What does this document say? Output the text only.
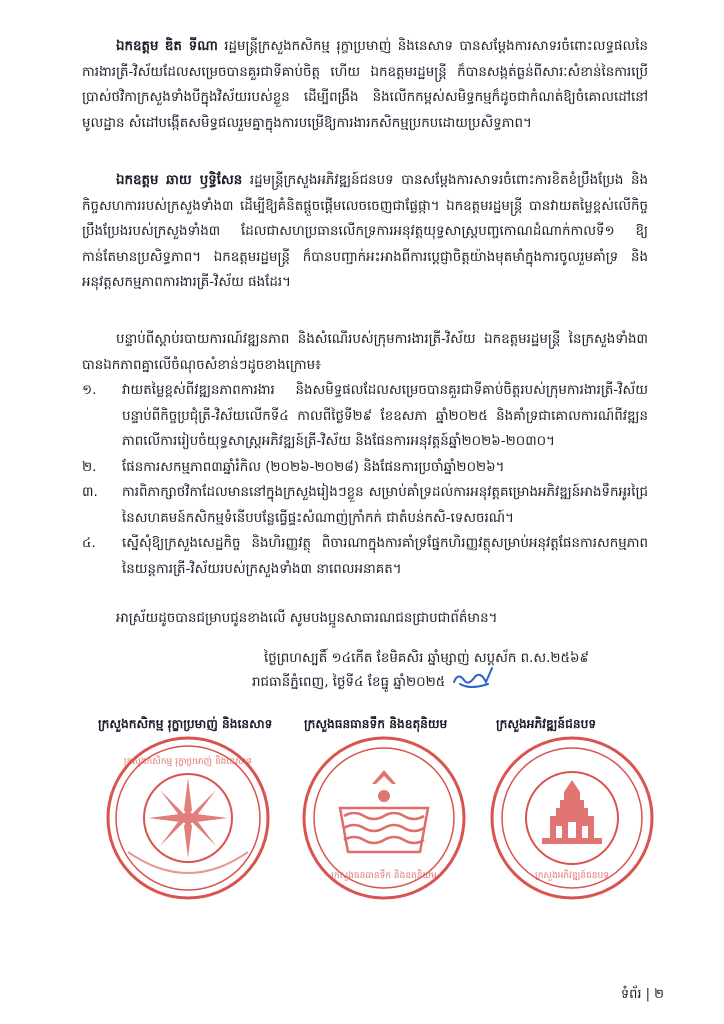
ឯកឧត្តម ឌិត ទីណា រដ្ឋមន្ត្រីក្រសួងកសិកម្ម រុក្ខាប្រមាញ់ និងនេសាទ បានសម្ដែងការសាទរចំពោះលទ្ធផលនៃការងារត្រី-វិស័យដែលសម្រេចបានគួរជាទីគាប់ចិត្ត ហើយ ឯកឧត្តមរដ្ឋមន្ត្រី ក៏បានសង្កត់ធ្ងន់ពីសារៈសំខាន់នៃការប្រើប្រាស់ថវិកាក្រសួងទាំងបីក្នុងវិស័យរបស់ខ្លួន ដើម្បីពង្រឹង និងលើកកម្ពស់សមិទ្ធកម្មក៏ដូចជាកំណត់ឱ្យចំគោលដៅនៅមូលដ្ឋាន សំដៅបង្កើតសមិទ្ធផលរួមគ្នាក្នុងការបម្រើឱ្យការងារកសិកម្មប្រកបដោយប្រសិទ្ធភាព។

ឯកឧត្តម ឆាយ ឫទ្ធិសែន រដ្ឋមន្ត្រីក្រសួងអភិវឌ្ឍន៍ជនបទ បានសម្ដែងការសាទរចំពោះការខិតខំប្រឹងប្រែង និងកិច្ចសហការរបស់ក្រសួងទាំង៣ ដើម្បីឱ្យគំនិតផ្ដួចផ្ដើមលេចចេញជាផ្លែផ្កា។ ឯកឧត្តមរដ្ឋមន្ត្រី បានវាយតម្លៃខ្ពស់លើកិច្ចប្រឹងប្រែងរបស់ក្រសួងទាំង៣ ដែលជាសហប្រធានលើកទ្រការអនុវត្តយុទ្ធសាស្ត្របញ្ចកោណដំណាក់កាលទី១ ឱ្យកាន់តែមានប្រសិទ្ធភាព។ ឯកឧត្តមរដ្ឋមន្ត្រី ក៏បានបញ្ជាក់អះអាងពីការប្តេជ្ញាចិត្តយ៉ាងមុតមាំក្នុងការចូលរួមគាំទ្រ និងអនុវត្តសកម្មភាពការងារត្រី-វិស័យ ផងដែរ។

បន្ទាប់ពីស្ដាប់របាយការណ៍វឌ្ឍនភាព និងសំណើរបស់ក្រុមការងារត្រី-វិស័យ ឯកឧត្តមរដ្ឋមន្ត្រី នៃក្រសួងទាំង៣ បានឯកភាពគ្នាលើចំណុចសំខាន់ៗដូចខាងក្រោម៖

១. វាយតម្លៃខ្ពស់ពីវឌ្ឍនភាពការងារ និងសមិទ្ធផលដែលសម្រេចបានគួរជាទីគាប់ចិត្តរបស់ក្រុមការងារត្រី-វិស័យ បន្ទាប់ពីកិច្ចប្រជុំត្រី-វិស័យលើកទី៤ កាលពីថ្ងៃទី២៩ ខែឧសភា ឆ្នាំ២០២៥ និងគាំទ្រជាគោលការណ៍ពីវឌ្ឍនភាពលើការរៀបចំយុទ្ធសាស្ត្រអភិវឌ្ឍន៍ត្រី-វិស័យ និងផែនការអនុវត្តន៍ឆ្នាំ២០២៦-២០៣០។
២. ផែនការសកម្មភាព៣ឆ្នាំរំកិល (២០២៦-២០២៨) និងផែនការប្រចាំឆ្នាំ២០២៦។
៣. ការពិភាក្សាថវិកាដែលមាននៅក្នុងក្រសួងរៀងៗខ្លួន សម្រាប់គាំទ្រដល់ការអនុវត្តគម្រោងអភិវឌ្ឍន៍អាងទឹកអូរជ្រៃ នៃសហគមន៍កសិកម្មទំនើបបន្លែធ្វើផ្ទះសំណាញ់ក្រាំកក់ ជាតំបន់កសិ-ទេសចរណ៍។
៤. ស្នើសុំឱ្យក្រសួងសេដ្ឋកិច្ច និងហិរញ្ញវត្ថុ ពិចារណាក្នុងការគាំទ្រផ្នែកហិរញ្ញវត្ថុសម្រាប់អនុវត្តផែនការសកម្មភាព នៃយន្តការត្រី-វិស័យរបស់ក្រសួងទាំង៣ នាពេលអនាគត។
អាស្រ័យដូចបានជម្រាបជូនខាងលើ សូមបងប្អូនសាធារណជនជ្រាបជាព័ត៌មាន។
ថ្ងៃព្រហស្បតិ៍ ១៤កើត ខែមិគសិរ ឆ្នាំម្សាញ់ សប្តស័ក ព.ស.២៥៦៩
រាជធានីភ្នំពេញ, ថ្ងៃទី៤ ខែធ្នូ ឆ្នាំ២០២៥
ក្រសួងកសិកម្ម រុក្ខាប្រមាញ់ និងនេសាទ	ក្រសួងធនធានទឹក និងឧតុនិយម	ក្រសួងអភិវឌ្ឍន៍ជនបទ
ក្រសួងកសិកម្ម រុក្ខាប្រមាញ់ និងនេសាទ
ក្រសួងធនធានទឹក និងឧតុនិយម	ក្រសួងអភិវឌ្ឍន៍ជនបទ
ទំព័រ | ២
